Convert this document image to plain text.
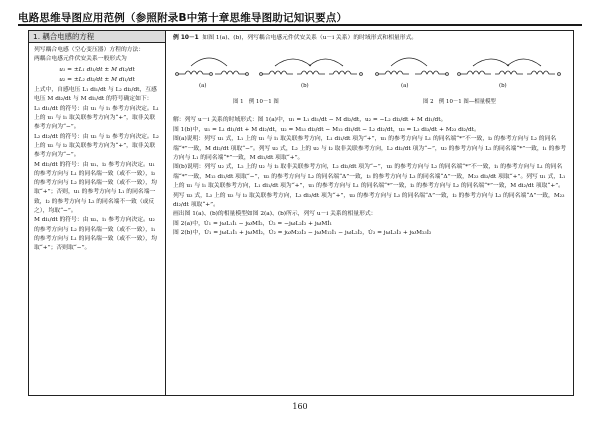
电路思维导图应用范例（参照附录B中第十章思维导图助记知识要点）
1. 耦合电感的方程

列写耦合电感（空心变压器）方程的方法：

两耦合电感元件伏安关系一般形式为

u₁ = ±L₁ di₁/dt ± M di₂/dt

u₂ = ±L₂ di₂/dt ± M di₁/dt

上式中，自感电压 L₁ di₁/dt 与 L₂ di₂/dt，互感电压 M di₂/dt 与 M di₁/dt 的符号确定如下：

L₁ di₁/dt 的符号：由 u₁ 与 i₁ 参考方向决定。L₁ 上的 u₁ 与 i₁ 取关联参考方向为“+”，取非关联参考方向为“−”。

L₂ di₂/dt 的符号：由 u₂ 与 i₂ 参考方向决定。L₂ 上的 u₂ 与 i₂ 取关联参考方向为“+”，取非关联参考方向为“−”。

M di₂/dt 的符号：由 u₁、i₂ 参考方向决定。u₁ 的参考方向与 L₁ 的同名端一致（或不一致），i₂ 的参考方向与 L₂ 的同名端一致（或不一致），均取“+”；否则，u₁ 的参考方向与 L₁ 的同名端一致，i₂ 的参考方向与 L₂ 的同名端不一致（或反之），均取“−”。

M di₁/dt 的符号：由 u₂、i₁ 参考方向决定。u₂ 的参考方向与 L₂ 的同名端一致（或不一致），i₁ 的参考方向与 L₁ 的同名端一致（或不一致），均取“+”；否则取“−”。

例 10－1 如图 1(a)、(b)，列写耦合电感元件伏安关系（u－i 关系）的时域形式和相量形式。

(a)	(b)	(a)	(b)
图 1　例 10－1 图	图 2　例 10－1 图—相量模型

解：列写 u－i 关系的时域形式：图 1(a)中，u₁ = L₁ di₁/dt − M di₂/dt，u₂ = −L₂ di₂/dt + M di₁/dt。

图 1(b)中，u₁ = L₁ di₁/dt + M di₂/dt，u₂ = M₂₃ di₃/dt − M₁₂ di₁/dt − L₂ di₂/dt，u₃ = L₃ di₃/dt + M₂₃ di₂/dt。

图(a)说明：列写 u₁ 式，L₁ 上的 u₁ 与 i₁ 取关联参考方向，L₁ di₁/dt 项为“+”，u₁ 的参考方向与 L₁ 的同名端“*”不一致，i₂ 的参考方向与 L₂ 的同名端“*”一致，M di₂/dt 项取“−”。列写 u₂ 式，L₂ 上的 u₂ 与 i₂ 取非关联参考方向，L₂ di₂/dt 项为“−”，u₂ 的参考方向与 L₂ 的同名端“*”一致，i₁ 的参考方向与 L₁ 的同名端“*”一致，M di₁/dt 项取“+”。

图(b)说明：列写 u₂ 式，L₂ 上的 u₂ 与 i₂ 取非关联参考方向，L₂ di₂/dt 项为“−”，u₂ 的参考方向与 L₂ 的同名端“*”不一致，i₁ 的参考方向与 L₁ 的同名端“*”一致，M₁₂ di₁/dt 项取“−”，u₂ 的参考方向与 L₂ 的同名端“Δ”一致，i₃ 的参考方向与 L₃ 的同名端“Δ”一致，M₂₃ di₃/dt 项取“+”。列写 u₁ 式，L₁ 上的 u₁ 与 i₁ 取关联参考方向，L₁ di₁/dt 项为“+”，u₁ 的参考方向与 L₁ 的同名端“*”一致，i₂ 的参考方向与 L₂ 的同名端“*”一致，M di₂/dt 项取“+”。列写 u₃ 式，L₃ 上的 u₃ 与 i₃ 取关联参考方向，L₃ di₃/dt 项为“+”，u₃ 的参考方向与 L₃ 的同名端“Δ”一致，i₂ 的参考方向与 L₂ 的同名端“Δ”一致，M₂₃ di₂/dt 项取“+”。

画出图 1(a)、(b)的相量模型如图 2(a)、(b)所示，列写 u－i 关系的相量形式：

图 2(a)中，U̇₁ = jωL₁İ₁ − jωMİ₂，U̇₂ = −jωL₂İ₂ + jωMİ₁

图 2(b)中，U̇₁ = jωL₁İ₁ + jωMİ₂，U̇₂ = jωM₂₃İ₃ − jωM₁₂İ₁ − jωL₂İ₂，U̇₃ = jωL₃İ₃ + jωM₂₃İ₂

160
